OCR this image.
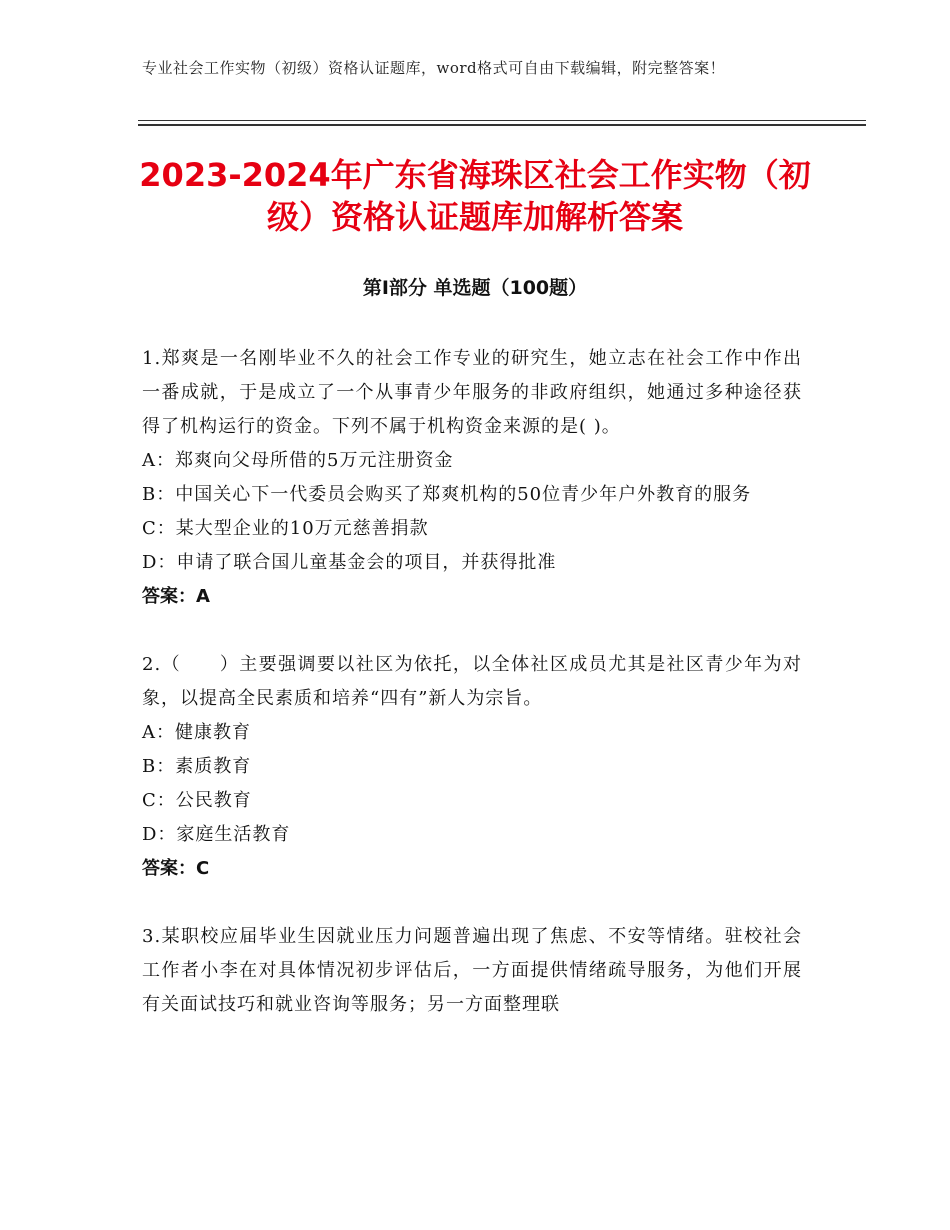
专业社会工作实物（初级）资格认证题库，word格式可自由下载编辑，附完整答案！
2023-2024年广东省海珠区社会工作实物（初级）资格认证题库加解析答案
第Ⅰ部分 单选题（100题）
1.郑爽是一名刚毕业不久的社会工作专业的研究生，她立志在社会工作中作出一番成就，于是成立了一个从事青少年服务的非政府组织，她通过多种途径获得了机构运行的资金。下列不属于机构资金来源的是( )。
A：郑爽向父母所借的5万元注册资金
B：中国关心下一代委员会购买了郑爽机构的50位青少年户外教育的服务
C：某大型企业的10万元慈善捐款
D：申请了联合国儿童基金会的项目，并获得批准
答案：A
2.（　　）主要强调要以社区为依托，以全体社区成员尤其是社区青少年为对象，以提高全民素质和培养“四有”新人为宗旨。
A：健康教育
B：素质教育
C：公民教育
D：家庭生活教育
答案：C
3.某职校应届毕业生因就业压力问题普遍出现了焦虑、不安等情绪。驻校社会工作者小李在对具体情况初步评估后，一方面提供情绪疏导服务，为他们开展有关面试技巧和就业咨询等服务；另一方面整理联
